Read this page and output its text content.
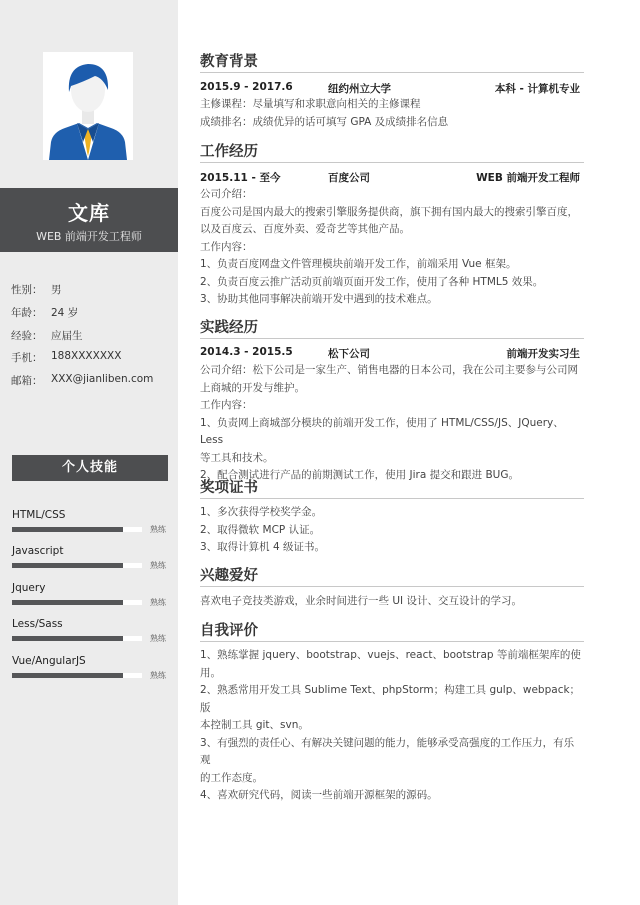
文库
WEB 前端开发工程师
性别： 男
年龄： 24 岁
经验： 应届生
手机： 188XXXXXXX
邮箱： XXX@jianliben.com
个人技能
HTML/CSS
熟练
Javascript
熟练
Jquery
熟练
Less/Sass
熟练
Vue/AngularJS
熟练
教育背景
2015.9 - 2017.6	纽约州立大学	本科 - 计算机专业
主修课程：尽量填写和求职意向相关的主修课程
成绩排名：成绩优异的话可填写 GPA 及成绩排名信息
工作经历
2015.11 - 至今	百度公司	WEB 前端开发工程师
公司介绍：
百度公司是国内最大的搜索引擎服务提供商，旗下拥有国内最大的搜索引擎百度，
以及百度云、百度外卖、爱奇艺等其他产品。
工作内容：
1、负责百度网盘文件管理模块前端开发工作，前端采用 Vue 框架。
2、负责百度云推广活动页前端页面开发工作，使用了各种 HTML5 效果。
3、协助其他同事解决前端开发中遇到的技术难点。
实践经历
2014.3 - 2015.5	松下公司	前端开发实习生
公司介绍：松下公司是一家生产、销售电器的日本公司，我在公司主要参与公司网
上商城的开发与维护。
工作内容：
1、负责网上商城部分模块的前端开发工作，使用了 HTML/CSS/JS、JQuery、Less
等工具和技术。
2、配合测试进行产品的前期测试工作，使用 Jira 提交和跟进 BUG。
奖项证书
1、多次获得学校奖学金。
2、取得微软 MCP 认证。
3、取得计算机 4 级证书。
兴趣爱好
喜欢电子竞技类游戏，业余时间进行一些 UI 设计、交互设计的学习。
自我评价
1、熟练掌握 jquery、bootstrap、vuejs、react、bootstrap 等前端框架库的使
用。
2、熟悉常用开发工具 Sublime Text、phpStorm；构建工具 gulp、webpack；版
本控制工具 git、svn。
3、有强烈的责任心、有解决关键问题的能力，能够承受高强度的工作压力，有乐观
的工作态度。
4、喜欢研究代码，阅读一些前端开源框架的源码。
